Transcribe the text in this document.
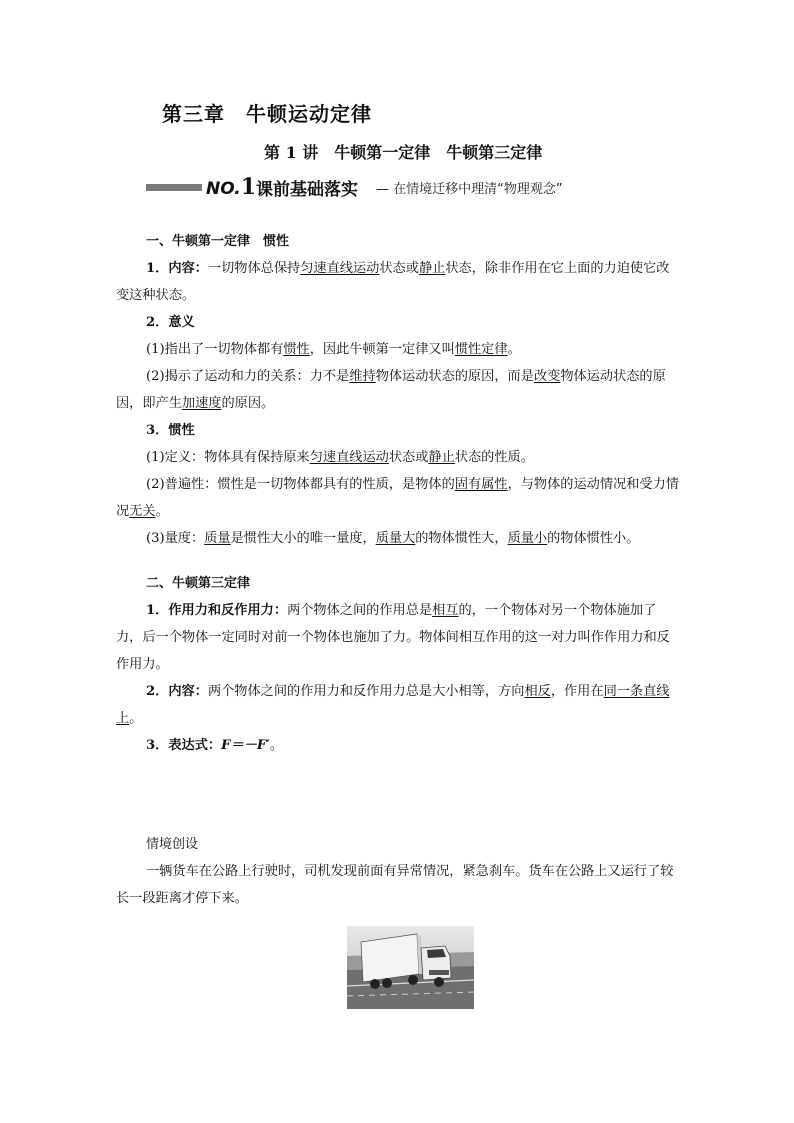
第三章　牛顿运动定律
第 1 讲　牛顿第一定律　牛顿第三定律
NO.1 课前基础落实 — 在情境迁移中理清“物理观念”

一、牛顿第一定律　惯性

1．内容：一切物体总保持匀速直线运动状态或静止状态，除非作用在它上面的力迫使它改变这种状态。

2．意义

(1)指出了一切物体都有惯性，因此牛顿第一定律又叫惯性定律。

(2)揭示了运动和力的关系：力不是维持物体运动状态的原因，而是改变物体运动状态的原因，即产生加速度的原因。

3．惯性

(1)定义：物体具有保持原来匀速直线运动状态或静止状态的性质。

(2)普遍性：惯性是一切物体都具有的性质，是物体的固有属性，与物体的运动情况和受力情况无关。

(3)量度：质量是惯性大小的唯一量度，质量大的物体惯性大，质量小的物体惯性小。

二、牛顿第三定律

1．作用力和反作用力：两个物体之间的作用总是相互的，一个物体对另一个物体施加了力，后一个物体一定同时对前一个物体也施加了力。物体间相互作用的这一对力叫作作用力和反作用力。

2．内容：两个物体之间的作用力和反作用力总是大小相等，方向相反，作用在同一条直线上。

3．表达式：F＝－F′。

情境创设

一辆货车在公路上行驶时，司机发现前面有异常情况，紧急刹车。货车在公路上又运行了较长一段距离才停下来。
